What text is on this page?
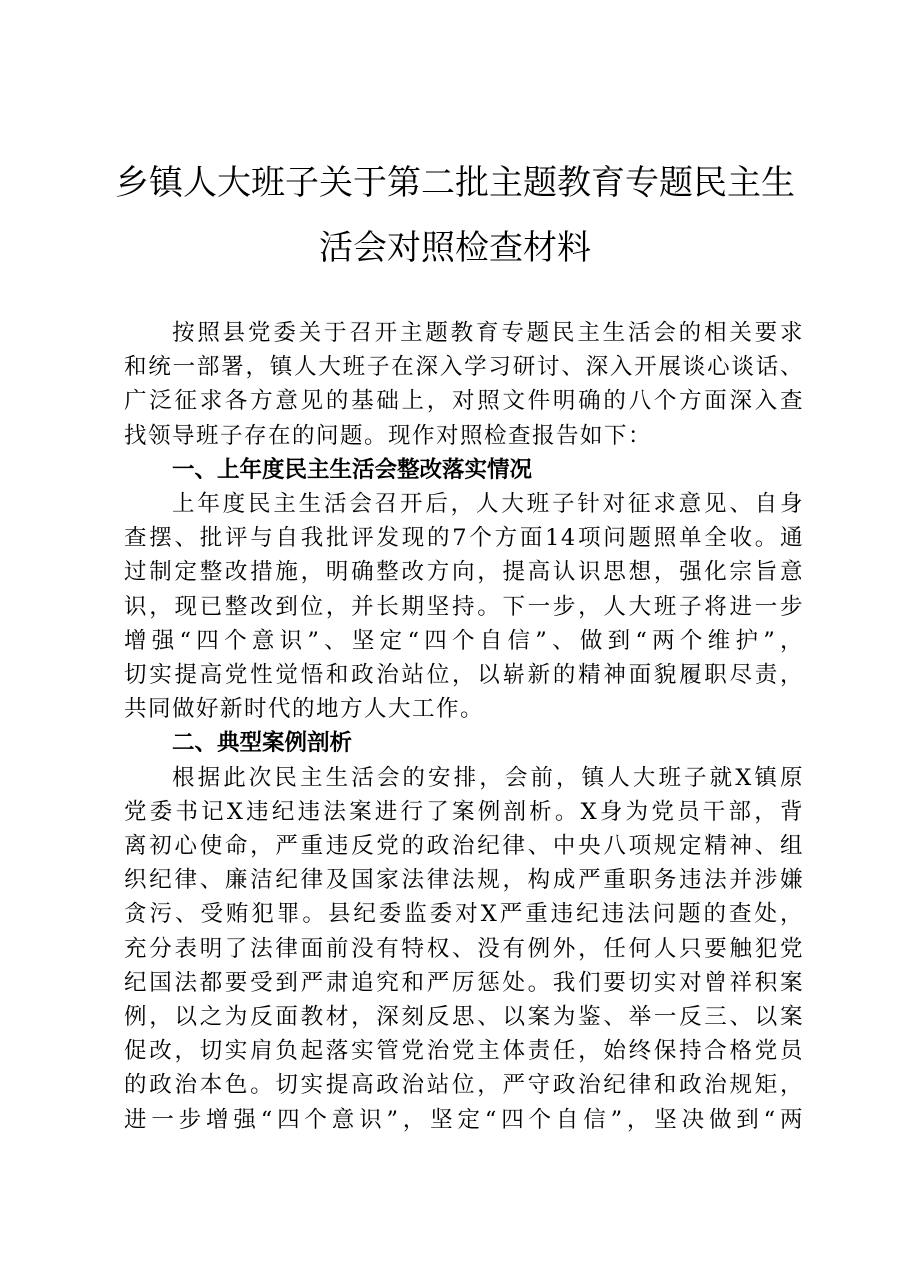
乡镇人大班子关于第二批主题教育专题民主生
活会对照检查材料
按照县党委关于召开主题教育专题民主生活会的相关要求
和统一部署，镇人大班子在深入学习研讨、深入开展谈心谈话、
广泛征求各方意见的基础上，对照文件明确的八个方面深入查
找领导班子存在的问题。现作对照检查报告如下：
一、上年度民主生活会整改落实情况
上年度民主生活会召开后，人大班子针对征求意见、自身
查摆、批评与自我批评发现的7个方面14项问题照单全收。通
过制定整改措施，明确整改方向，提高认识思想，强化宗旨意
识，现已整改到位，并长期坚持。下一步，人大班子将进一步
增强“四个意识”、坚定“四个自信”、做到“两个维护”，
切实提高党性觉悟和政治站位，以崭新的精神面貌履职尽责，
共同做好新时代的地方人大工作。
二、典型案例剖析
根据此次民主生活会的安排，会前，镇人大班子就X镇原
党委书记X违纪违法案进行了案例剖析。X身为党员干部，背
离初心使命，严重违反党的政治纪律、中央八项规定精神、组
织纪律、廉洁纪律及国家法律法规，构成严重职务违法并涉嫌
贪污、受贿犯罪。县纪委监委对X严重违纪违法问题的查处，
充分表明了法律面前没有特权、没有例外，任何人只要触犯党
纪国法都要受到严肃追究和严厉惩处。我们要切实对曾祥积案
例，以之为反面教材，深刻反思、以案为鉴、举一反三、以案
促改，切实肩负起落实管党治党主体责任，始终保持合格党员
的政治本色。切实提高政治站位，严守政治纪律和政治规矩，
进一步增强“四个意识”，坚定“四个自信”，坚决做到“两
